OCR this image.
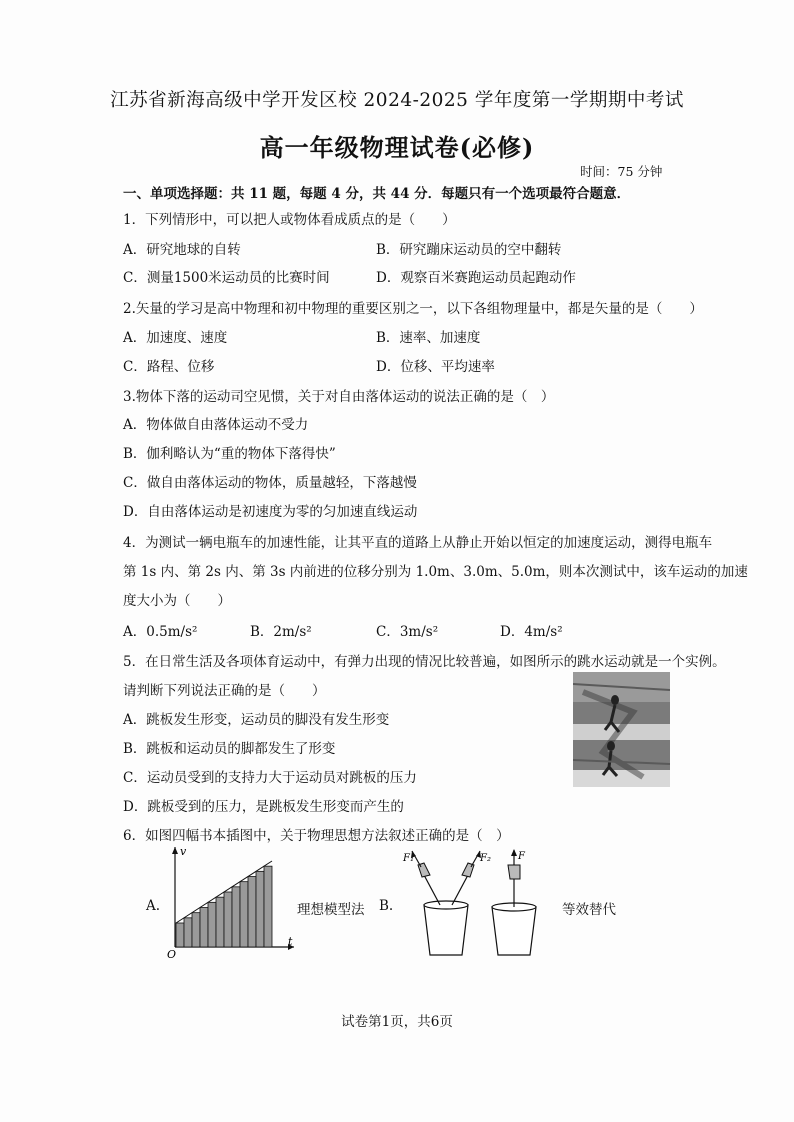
江苏省新海高级中学开发区校 2024-2025 学年度第一学期期中考试
高一年级物理试卷(必修)
时间：75 分钟
一、单项选择题：共 11 题，每题 4 分，共 44 分．每题只有一个选项最符合题意．
1．下列情形中，可以把人或物体看成质点的是（　　）
A．研究地球的自转	B．研究蹦床运动员的空中翻转
C．测量1500米运动员的比赛时间	D．观察百米赛跑运动员起跑动作
2.矢量的学习是高中物理和初中物理的重要区别之一，以下各组物理量中，都是矢量的是（　　）
A．加速度、速度	B．速率、加速度
C．路程、位移	D．位移、平均速率
3.物体下落的运动司空见惯，关于对自由落体运动的说法正确的是（　）
A．物体做自由落体运动不受力
B．伽利略认为“重的物体下落得快”
C．做自由落体运动的物体，质量越轻，下落越慢
D．自由落体运动是初速度为零的匀加速直线运动
4．为测试一辆电瓶车的加速性能，让其平直的道路上从静止开始以恒定的加速度运动，测得电瓶车
第 1s 内、第 2s 内、第 3s 内前进的位移分别为 1.0m、3.0m、5.0m，则本次测试中，该车运动的加速
度大小为（　　）
A．0.5m/s²	B．2m/s²	C．3m/s²	D．4m/s²
5．在日常生活及各项体育运动中，有弹力出现的情况比较普遍，如图所示的跳水运动就是一个实例。
请判断下列说法正确的是（　　）
A．跳板发生形变，运动员的脚没有发生形变
B．跳板和运动员的脚都发生了形变
C．运动员受到的支持力大于运动员对跳板的压力
D．跳板受到的压力，是跳板发生形变而产生的
6．如图四幅书本插图中，关于物理思想方法叙述正确的是（　）
A.
v
t
O
理想模型法 B.
F₁	F₂	F
等效替代
试卷第1页，共6页
